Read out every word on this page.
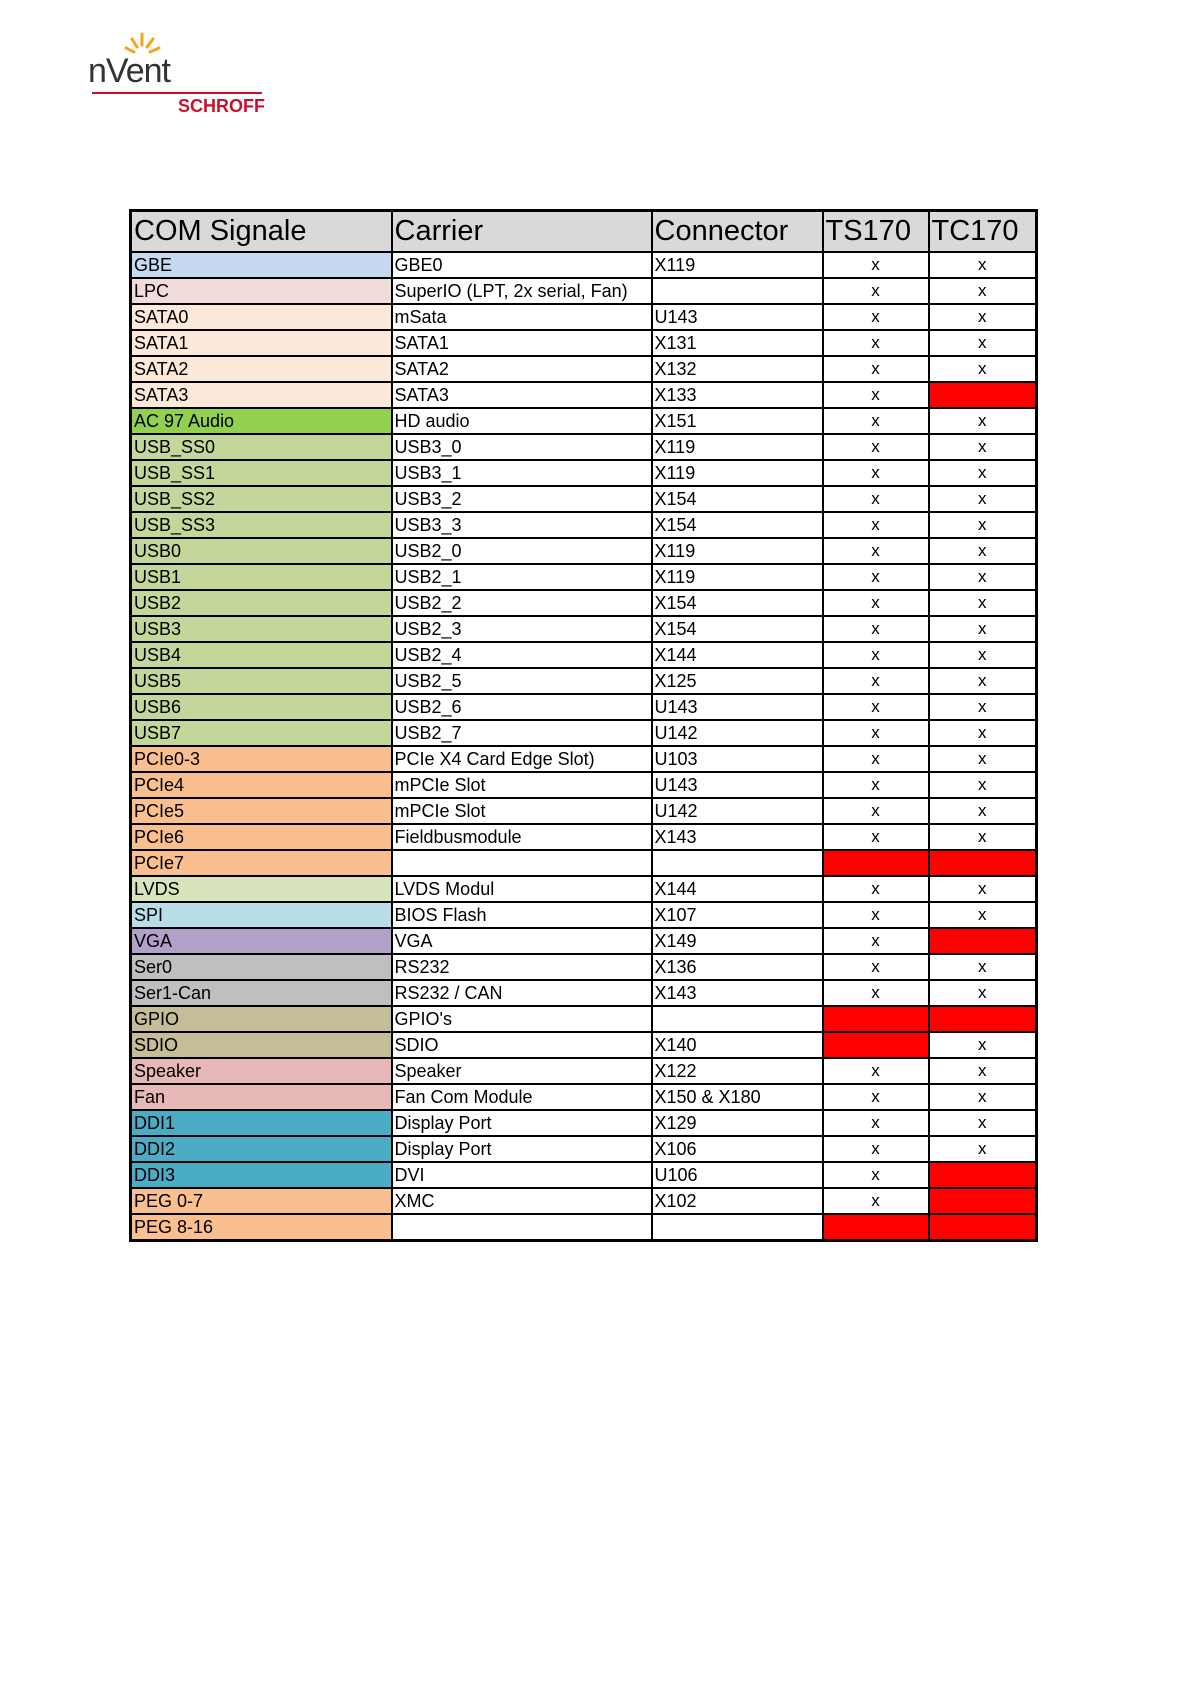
nVent
SCHROFF
COM Signale	Carrier	Connector	TS170	TC170
GBE	GBE0	X119	x	x
LPC	SuperIO (LPT, 2x serial, Fan)		x	x
SATA0	mSata	U143	x	x
SATA1	SATA1	X131	x	x
SATA2	SATA2	X132	x	x
SATA3	SATA3	X133	x	
AC 97 Audio	HD audio	X151	x	x
USB_SS0	USB3_0	X119	x	x
USB_SS1	USB3_1	X119	x	x
USB_SS2	USB3_2	X154	x	x
USB_SS3	USB3_3	X154	x	x
USB0	USB2_0	X119	x	x
USB1	USB2_1	X119	x	x
USB2	USB2_2	X154	x	x
USB3	USB2_3	X154	x	x
USB4	USB2_4	X144	x	x
USB5	USB2_5	X125	x	x
USB6	USB2_6	U143	x	x
USB7	USB2_7	U142	x	x
PCIe0-3	PCIe X4 Card Edge Slot)	U103	x	x
PCIe4	mPCIe Slot	U143	x	x
PCIe5	mPCIe Slot	U142	x	x
PCIe6	Fieldbusmodule	X143	x	x
PCIe7				
LVDS	LVDS Modul	X144	x	x
SPI	BIOS Flash	X107	x	x
VGA	VGA	X149	x	
Ser0	RS232	X136	x	x
Ser1-Can	RS232 / CAN	X143	x	x
GPIO	GPIO's			
SDIO	SDIO	X140		x
Speaker	Speaker	X122	x	x
Fan	Fan Com Module	X150 & X180	x	x
DDI1	Display Port	X129	x	x
DDI2	Display Port	X106	x	x
DDI3	DVI	U106	x	
PEG 0-7	XMC	X102	x	
PEG 8-16				
